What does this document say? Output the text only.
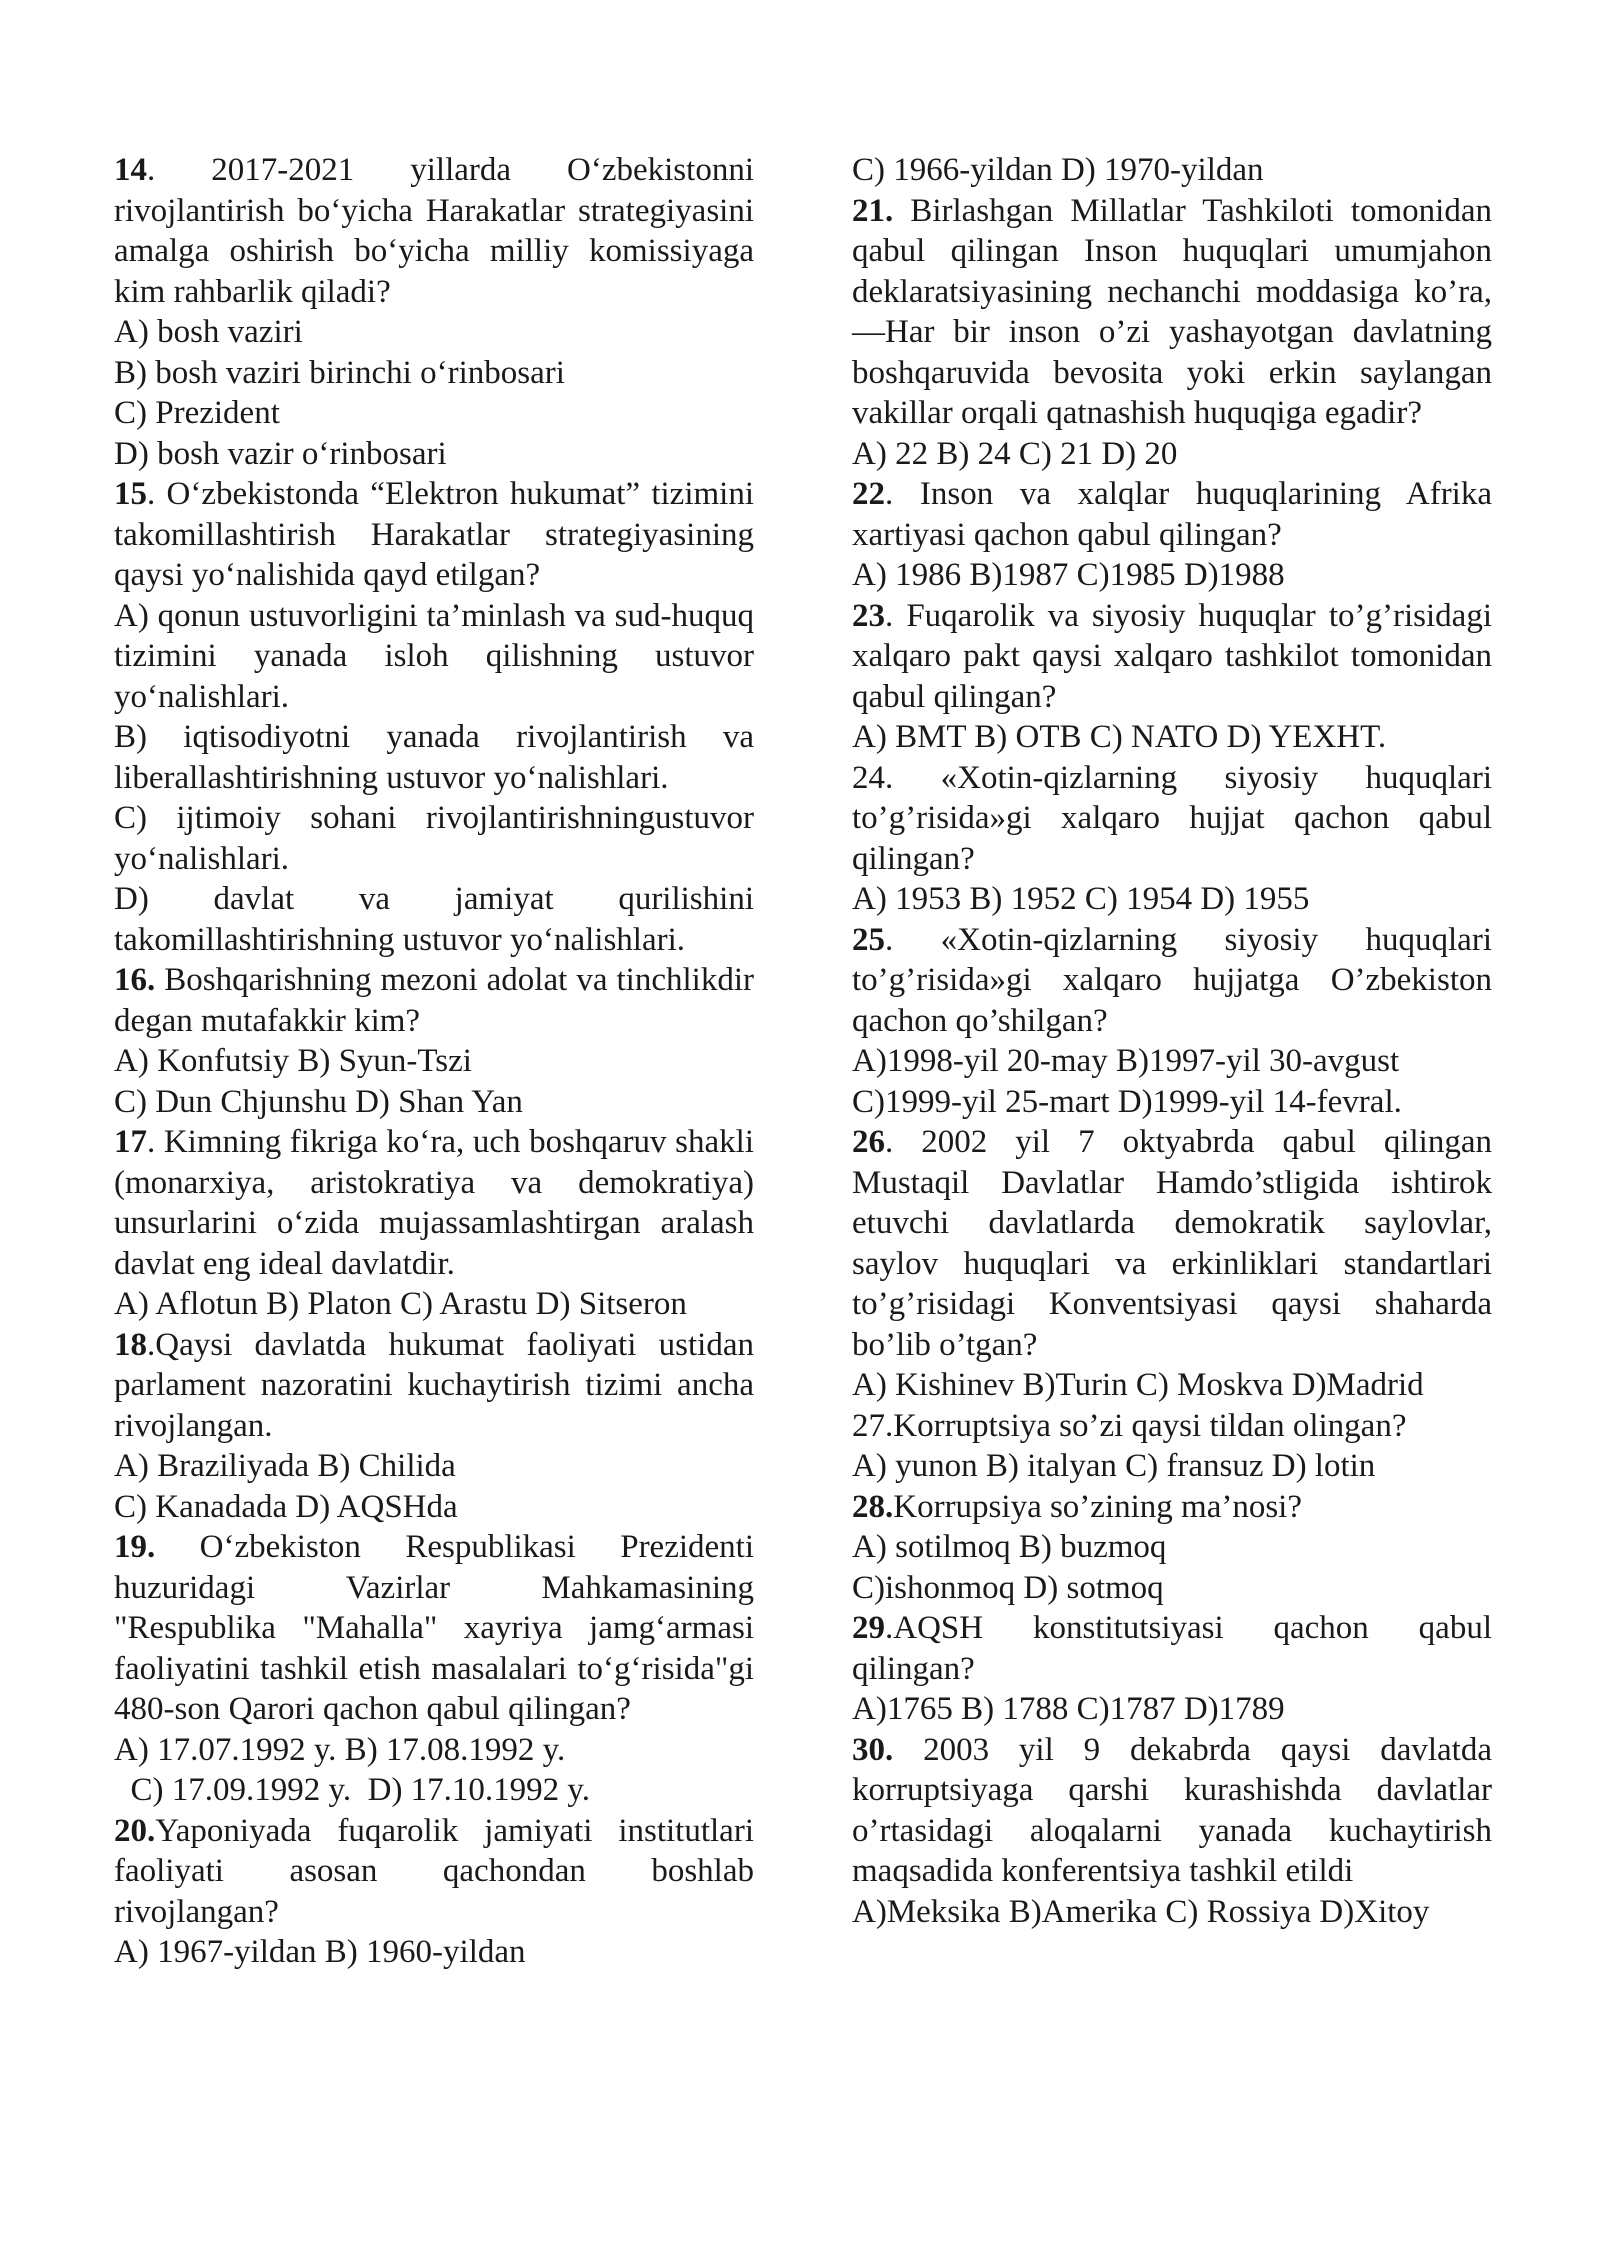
14. 2017-2021 yillarda O‘zbekistonni rivojlantirish bo‘yicha Harakatlar strategiyasini amalga oshirish bo‘yicha milliy komissiyaga kim rahbarlik qiladi?
A) bosh vaziri
B) bosh vaziri birinchi o‘rinbosari
C) Prezident
D) bosh vazir o‘rinbosari
15. O‘zbekistonda “Elektron hukumat” tizimini takomillashtirish Harakatlar strategiyasining qaysi yo‘nalishida qayd etilgan?
A) qonun ustuvorligini ta’minlash va sud-huquq tizimini yanada isloh qilishning ustuvor yo‘nalishlari.
B) iqtisodiyotni yanada rivojlantirish va liberallashtirishning ustuvor yo‘nalishlari.
C) ijtimoiy sohani rivojlantirishningustuvor yo‘nalishlari.
D) davlat va jamiyat qurilishini takomillashtirishning ustuvor yo‘nalishlari.
16. Boshqarishning mezoni adolat va tinchlikdir degan mutafakkir kim?
A) Konfutsiy B) Syun-Tszi
C) Dun Chjunshu D) Shan Yan
17. Kimning fikriga ko‘ra, uch boshqaruv shakli (monarxiya, aristokratiya va demokratiya) unsurlarini o‘zida mujassamlashtirgan aralash davlat eng ideal davlatdir.
A) Aflotun B) Platon C) Arastu D) Sitseron
18.Qaysi davlatda hukumat faoliyati ustidan parlament nazoratini kuchaytirish tizimi ancha rivojlangan.
A) Braziliyada B) Chilida
C) Kanadada D) AQSHda
19. O‘zbekiston Respublikasi Prezidenti huzuridagi Vazirlar Mahkamasining "Respublika "Mahalla" xayriya jamg‘armasi faoliyatini tashkil etish masalalari to‘g‘risida"gi 480-son Qarori qachon qabul qilingan?
A) 17.07.1992 y. B) 17.08.1992 y.
C) 17.09.1992 y.  D) 17.10.1992 y.
20.Yaponiyada fuqarolik jamiyati institutlari faoliyati asosan qachondan boshlab rivojlangan?
A) 1967-yildan B) 1960-yildan
C) 1966-yildan D) 1970-yildan
21. Birlashgan Millatlar Tashkiloti tomonidan qabul qilingan Inson huquqlari umumjahon deklaratsiyasining nechanchi moddasiga ko’ra, ―Har bir inson o’zi yashayotgan davlatning boshqaruvida bevosita yoki erkin saylangan vakillar orqali qatnashish huquqiga egadir?
A) 22 B) 24 C) 21 D) 20
22. Inson va xalqlar huquqlarining Afrika xartiyasi qachon qabul qilingan?
A) 1986 B)1987 C)1985 D)1988
23. Fuqarolik va siyosiy huquqlar to’g’risidagi xalqaro pakt qaysi xalqaro tashkilot tomonidan qabul qilingan?
A) BMT B) OTB C) NATO D) YEXHT.
24. «Xotin-qizlarning siyosiy huquqlari to’g’risida»gi xalqaro hujjat qachon qabul qilingan?
A) 1953 B) 1952 C) 1954 D) 1955
25. «Xotin-qizlarning siyosiy huquqlari to’g’risida»gi xalqaro hujjatga O’zbekiston qachon qo’shilgan?
A)1998-yil 20-may B)1997-yil 30-avgust
C)1999-yil 25-mart D)1999-yil 14-fevral.
26. 2002 yil 7 oktyabrda qabul qilingan Mustaqil Davlatlar Hamdo’stligida ishtirok etuvchi davlatlarda demokratik saylovlar, saylov huquqlari va erkinliklari standartlari to’g’risidagi Konventsiyasi qaysi shaharda bo’lib o’tgan?
A) Kishinev B)Turin C) Moskva D)Madrid
27.Korruptsiya so’zi qaysi tildan olingan?
A) yunon B) italyan C) fransuz D) lotin
28.Korrupsiya so’zining ma’nosi?
A) sotilmoq B) buzmoq
C)ishonmoq D) sotmoq
29.AQSH konstitutsiyasi qachon qabul qilingan?
A)1765 B) 1788 C)1787 D)1789
30. 2003 yil 9 dekabrda qaysi davlatda korruptsiyaga qarshi kurashishda davlatlar o’rtasidagi aloqalarni yanada kuchaytirish maqsadida konferentsiya tashkil etildi
A)Meksika B)Amerika C) Rossiya D)Xitoy
